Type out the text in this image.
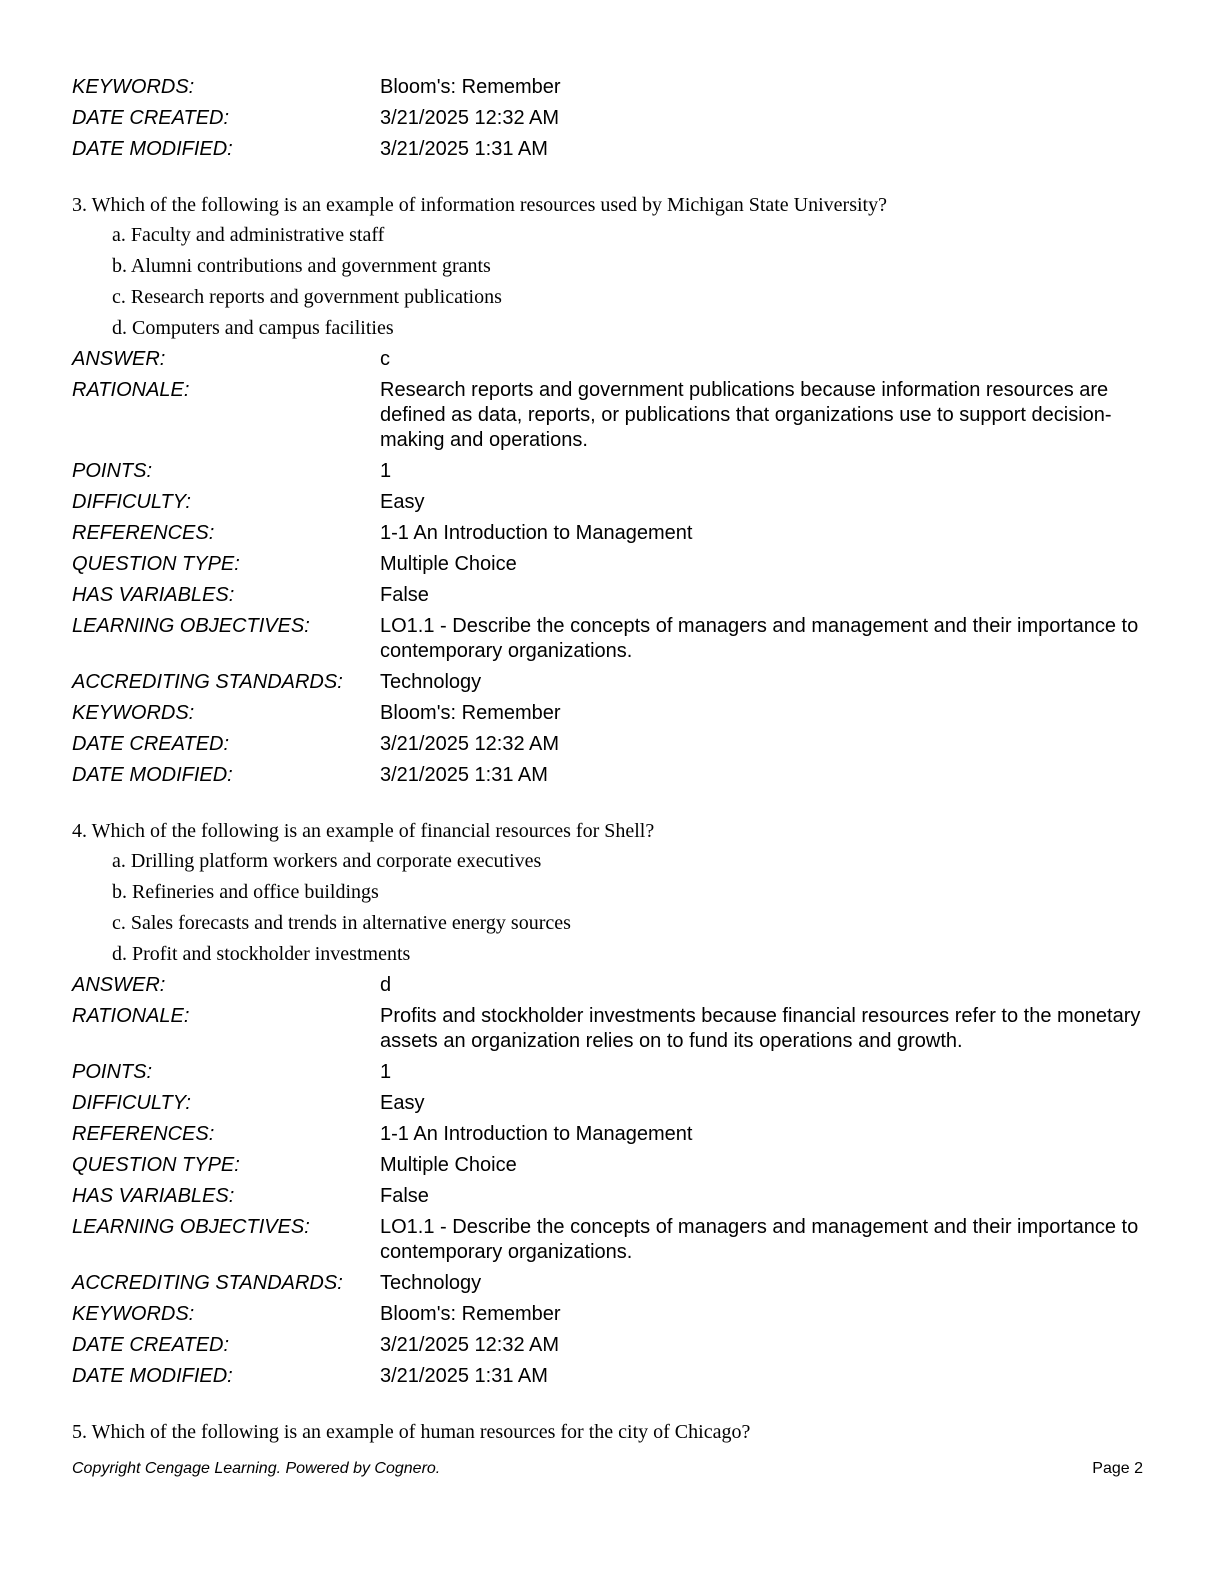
KEYWORDS:	Bloom's: Remember
DATE CREATED:	3/21/2025 12:32 AM
DATE MODIFIED:	3/21/2025 1:31 AM
3. Which of the following is an example of information resources used by Michigan State University?
a. Faculty and administrative staff
b. Alumni contributions and government grants
c. Research reports and government publications
d. Computers and campus facilities
ANSWER:	c
RATIONALE:	Research reports and government publications because information resources are defined as data, reports, or publications that organizations use to support decision-making and operations.
POINTS:	1
DIFFICULTY:	Easy
REFERENCES:	1-1 An Introduction to Management
QUESTION TYPE:	Multiple Choice
HAS VARIABLES:	False
LEARNING OBJECTIVES:	LO1.1 - Describe the concepts of managers and management and their importance to contemporary organizations.
ACCREDITING STANDARDS:	Technology
KEYWORDS:	Bloom's: Remember
DATE CREATED:	3/21/2025 12:32 AM
DATE MODIFIED:	3/21/2025 1:31 AM
4. Which of the following is an example of financial resources for Shell?
a. Drilling platform workers and corporate executives
b. Refineries and office buildings
c. Sales forecasts and trends in alternative energy sources
d. Profit and stockholder investments
ANSWER:	d
RATIONALE:	Profits and stockholder investments because financial resources refer to the monetary assets an organization relies on to fund its operations and growth.
POINTS:	1
DIFFICULTY:	Easy
REFERENCES:	1-1 An Introduction to Management
QUESTION TYPE:	Multiple Choice
HAS VARIABLES:	False
LEARNING OBJECTIVES:	LO1.1 - Describe the concepts of managers and management and their importance to contemporary organizations.
ACCREDITING STANDARDS:	Technology
KEYWORDS:	Bloom's: Remember
DATE CREATED:	3/21/2025 12:32 AM
DATE MODIFIED:	3/21/2025 1:31 AM
5. Which of the following is an example of human resources for the city of Chicago?
Copyright Cengage Learning. Powered by Cognero.	Page 2
